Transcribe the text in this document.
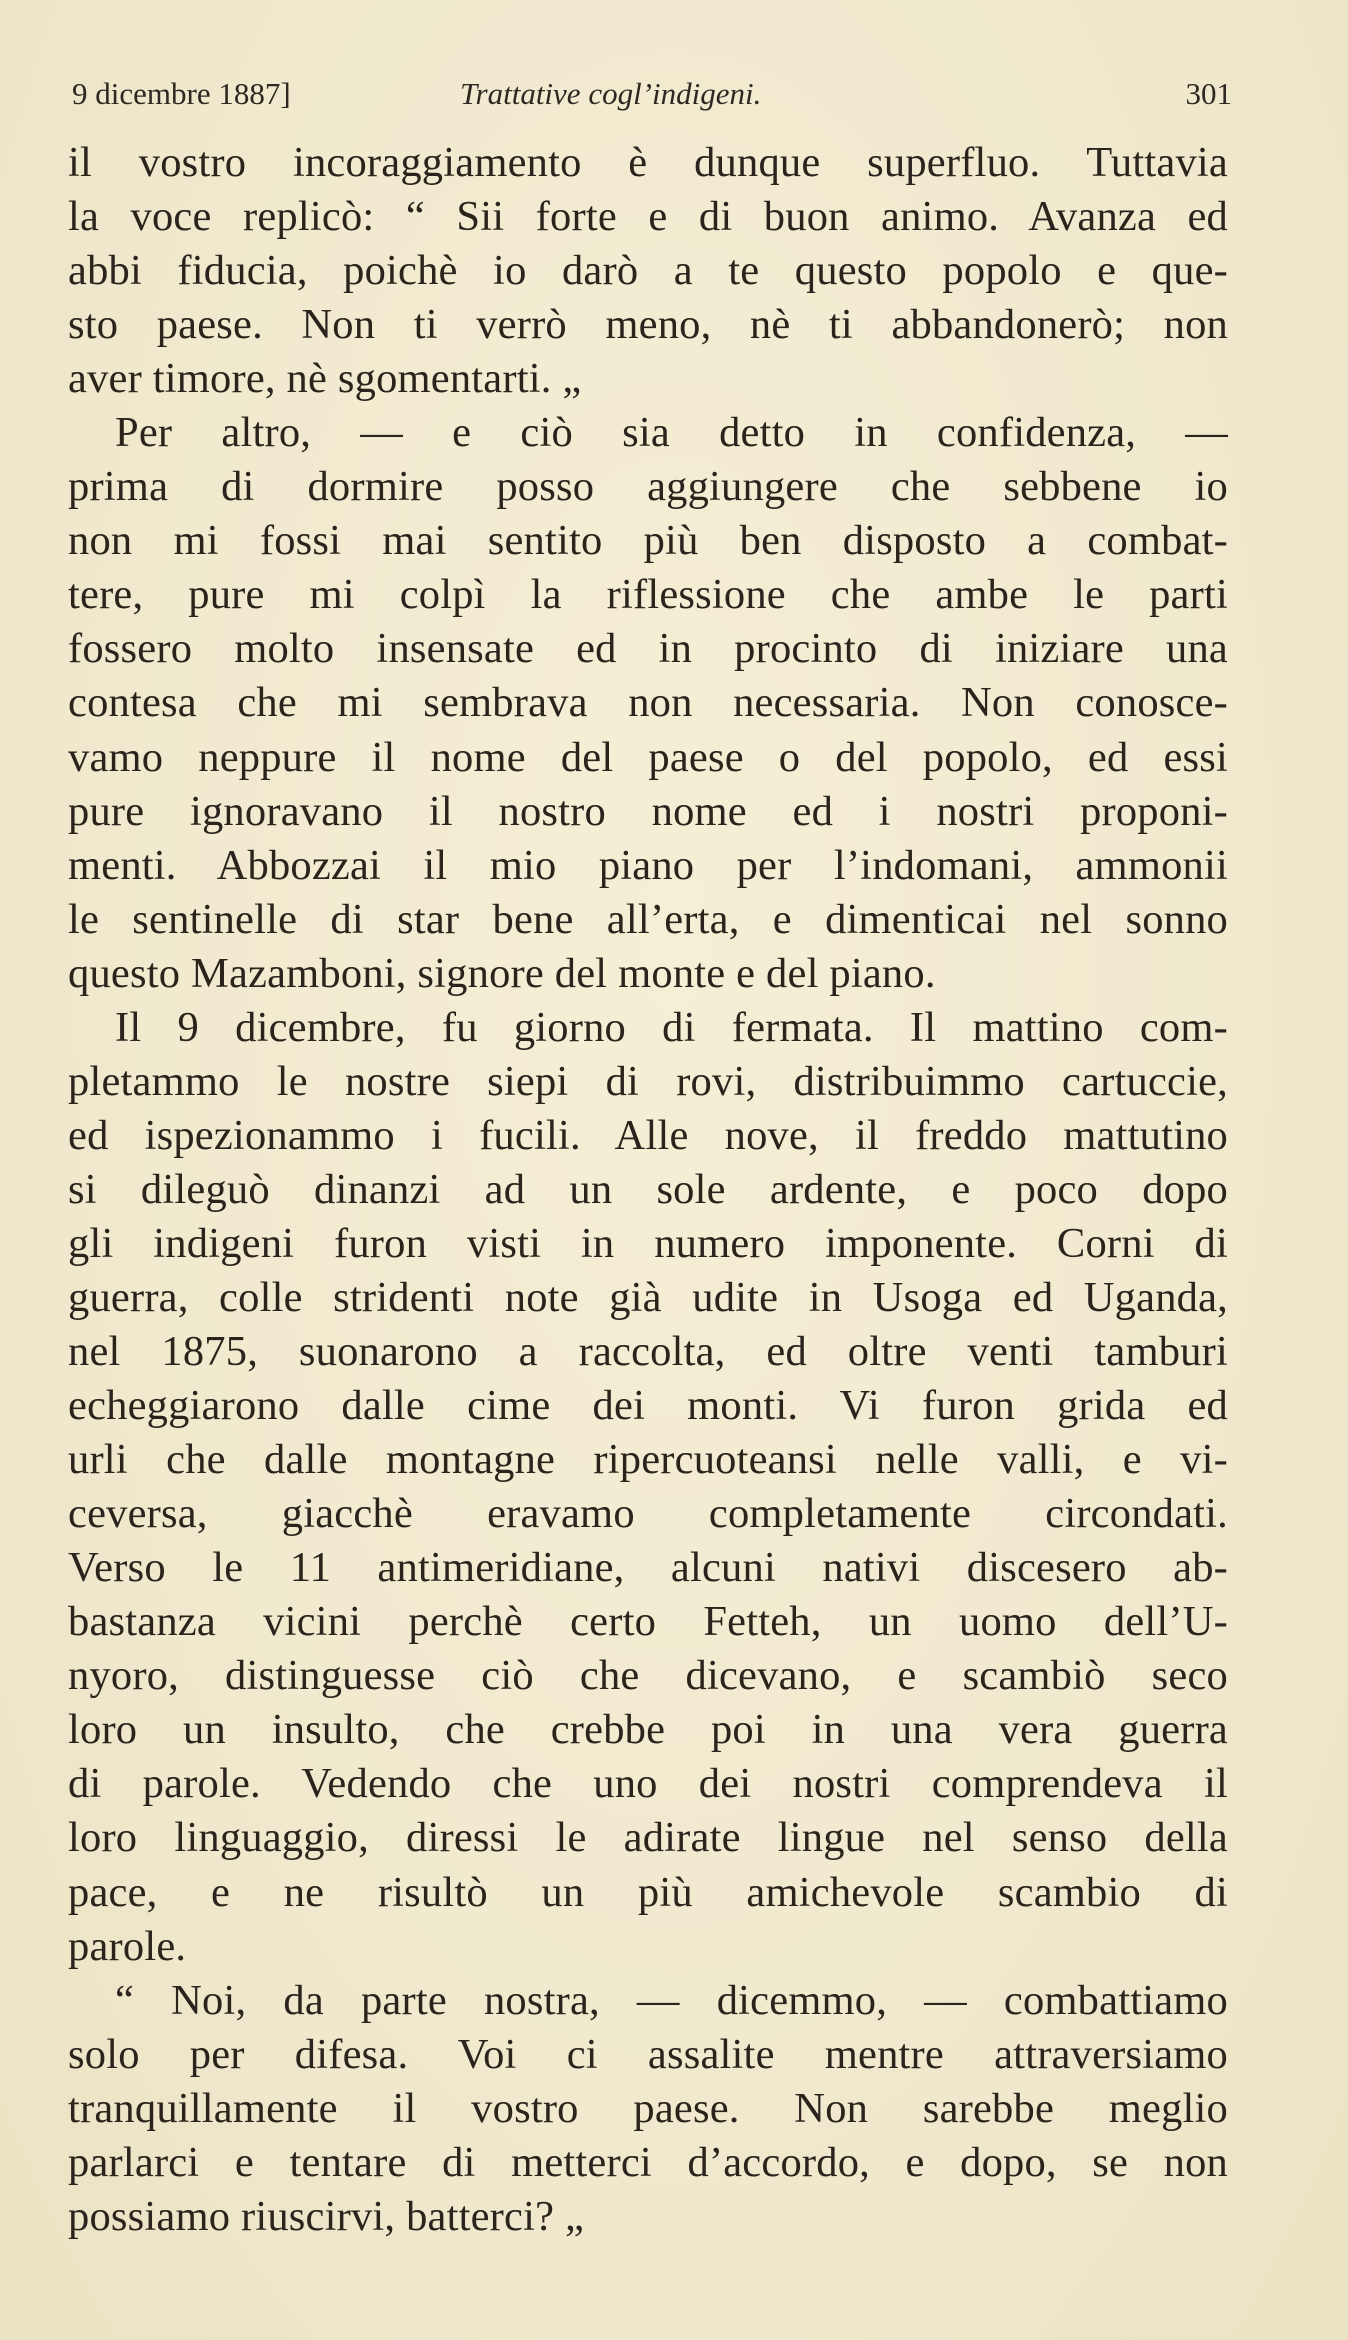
9 dicembre 1887]	Trattative cogl’indigeni.	301
il vostro incoraggiamento è dunque superfluo. Tuttavia
la voce replicò: “ Sii forte e di buon animo. Avanza ed
abbi fiducia, poichè io darò a te questo popolo e que-
sto paese. Non ti verrò meno, nè ti abbandonerò; non
aver timore, nè sgomentarti. „
Per altro, — e ciò sia detto in confidenza, —
prima di dormire posso aggiungere che sebbene io
non mi fossi mai sentito più ben disposto a combat-
tere, pure mi colpì la riflessione che ambe le parti
fossero molto insensate ed in procinto di iniziare una
contesa che mi sembrava non necessaria. Non conosce-
vamo neppure il nome del paese o del popolo, ed essi
pure ignoravano il nostro nome ed i nostri proponi-
menti. Abbozzai il mio piano per l’indomani, ammonii
le sentinelle di star bene all’erta, e dimenticai nel sonno
questo Mazamboni, signore del monte e del piano.
Il 9 dicembre, fu giorno di fermata. Il mattino com-
pletammo le nostre siepi di rovi, distribuimmo cartuccie,
ed ispezionammo i fucili. Alle nove, il freddo mattutino
si dileguò dinanzi ad un sole ardente, e poco dopo
gli indigeni furon visti in numero imponente. Corni di
guerra, colle stridenti note già udite in Usoga ed Uganda,
nel 1875, suonarono a raccolta, ed oltre venti tamburi
echeggiarono dalle cime dei monti. Vi furon grida ed
urli che dalle montagne ripercuoteansi nelle valli, e vi-
ceversa, giacchè eravamo completamente circondati.
Verso le 11 antimeridiane, alcuni nativi discesero ab-
bastanza vicini perchè certo Fetteh, un uomo dell’U-
nyoro, distinguesse ciò che dicevano, e scambiò seco
loro un insulto, che crebbe poi in una vera guerra
di parole. Vedendo che uno dei nostri comprendeva il
loro linguaggio, diressi le adirate lingue nel senso della
pace, e ne risultò un più amichevole scambio di
parole.
“ Noi, da parte nostra, — dicemmo, — combattiamo
solo per difesa. Voi ci assalite mentre attraversiamo
tranquillamente il vostro paese. Non sarebbe meglio
parlarci e tentare di metterci d’accordo, e dopo, se non
possiamo riuscirvi, batterci? „
